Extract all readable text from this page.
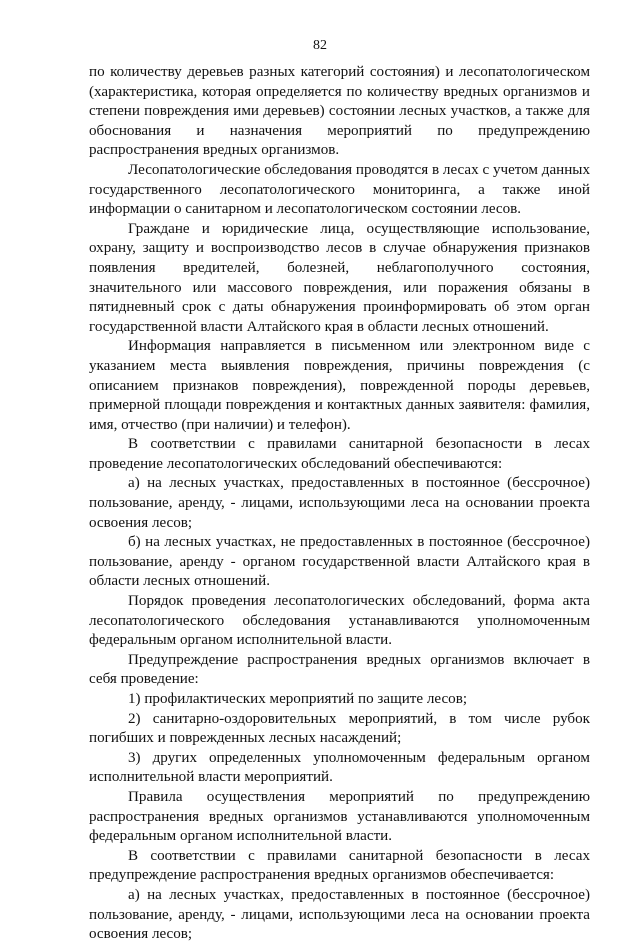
82

по количеству деревьев разных категорий состояния) и лесопатологическом (характеристика, которая определяется по количеству вредных организмов и степени повреждения ими деревьев) состоянии лесных участков, а также для обоснования и назначения мероприятий по предупреждению распространения вредных организмов.

Лесопатологические обследования проводятся в лесах с учетом данных государственного лесопатологического мониторинга, а также иной информации о санитарном и лесопатологическом состоянии лесов.

Граждане и юридические лица, осуществляющие использование, охрану, защиту и воспроизводство лесов в случае обнаружения признаков появления вредителей, болезней, неблагополучного состояния, значительного или массового повреждения, или поражения обязаны в пятидневный срок с даты обнаружения проинформировать об этом орган государственной власти Алтайского края в области лесных отношений.

Информация направляется в письменном или электронном виде с указанием места выявления повреждения, причины повреждения (с описанием признаков повреждения), поврежденной породы деревьев, примерной площади повреждения и контактных данных заявителя: фамилия, имя, отчество (при наличии) и телефон).

В соответствии с правилами санитарной безопасности в лесах проведение лесопатологических обследований обеспечиваются:

а) на лесных участках, предоставленных в постоянное (бессрочное) пользование, аренду, - лицами, использующими леса на основании проекта освоения лесов;

б) на лесных участках, не предоставленных в постоянное (бессрочное) пользование, аренду - органом государственной власти Алтайского края в области лесных отношений.

Порядок проведения лесопатологических обследований, форма акта лесопатологического обследования устанавливаются уполномоченным федеральным органом исполнительной власти.

Предупреждение распространения вредных организмов включает в себя проведение:

1) профилактических мероприятий по защите лесов;

2) санитарно-оздоровительных мероприятий, в том числе рубок погибших и поврежденных лесных насаждений;

3) других определенных уполномоченным федеральным органом исполнительной власти мероприятий.

Правила осуществления мероприятий по предупреждению распространения вредных организмов устанавливаются уполномоченным федеральным органом исполнительной власти.

В соответствии с правилами санитарной безопасности в лесах предупреждение распространения вредных организмов обеспечивается:

а) на лесных участках, предоставленных в постоянное (бессрочное) пользование, аренду, - лицами, использующими леса на основании проекта освоения лесов;
